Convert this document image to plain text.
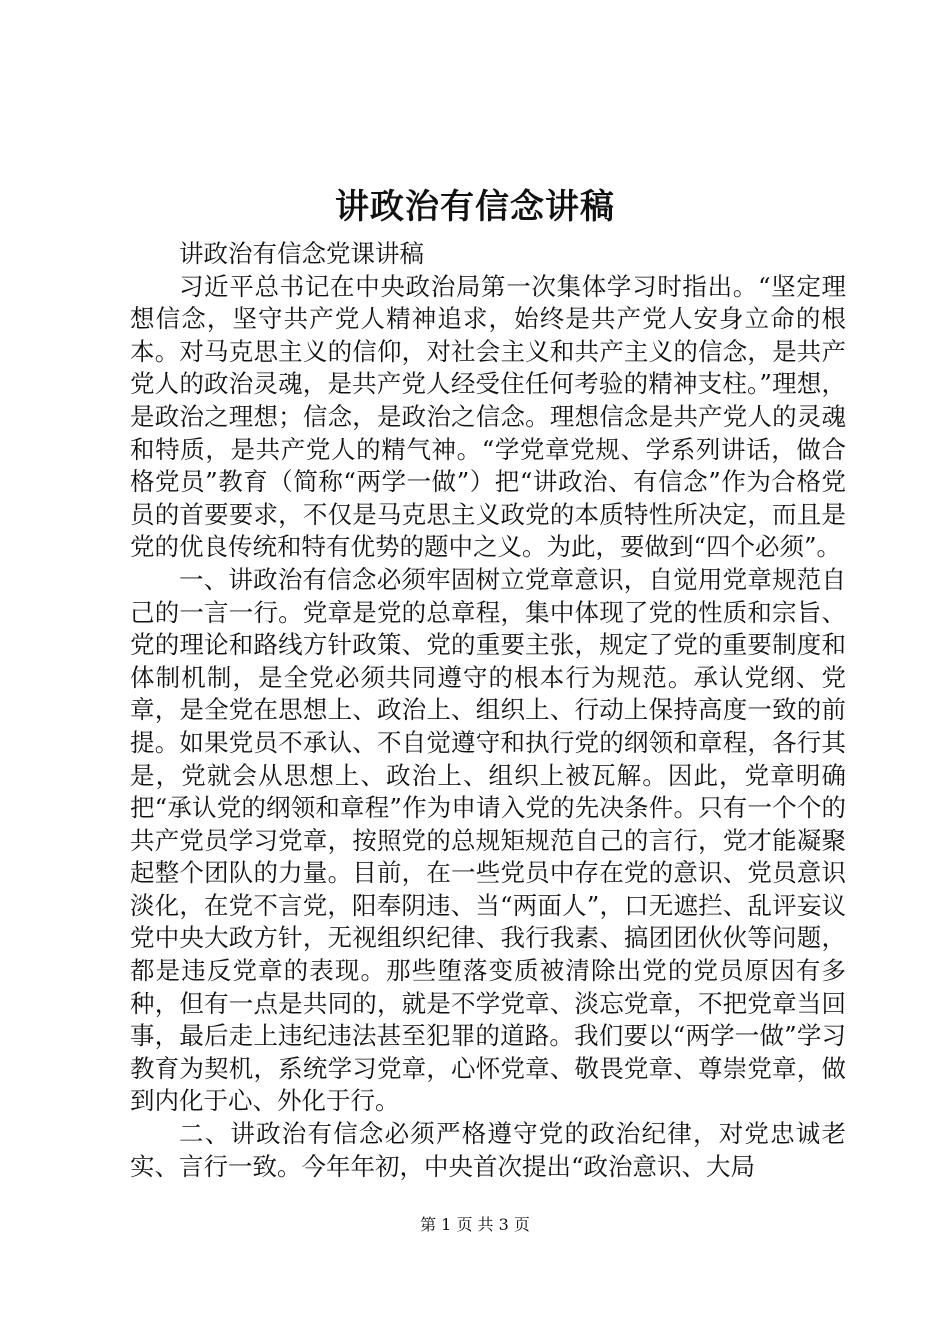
讲政治有信念讲稿

讲政治有信念党课讲稿

习近平总书记在中央政治局第一次集体学习时指出。“坚定理想信念，坚守共产党人精神追求，始终是共产党人安身立命的根本。对马克思主义的信仰，对社会主义和共产主义的信念，是共产党人的政治灵魂，是共产党人经受住任何考验的精神支柱。”理想，是政治之理想；信念，是政治之信念。理想信念是共产党人的灵魂和特质，是共产党人的精气神。“学党章党规、学系列讲话，做合格党员”教育（简称“两学一做”）把“讲政治、有信念”作为合格党员的首要要求，不仅是马克思主义政党的本质特性所决定，而且是党的优良传统和特有优势的题中之义。为此，要做到“四个必须”。

一、讲政治有信念必须牢固树立党章意识，自觉用党章规范自己的一言一行。党章是党的总章程，集中体现了党的性质和宗旨、党的理论和路线方针政策、党的重要主张，规定了党的重要制度和体制机制，是全党必须共同遵守的根本行为规范。承认党纲、党章，是全党在思想上、政治上、组织上、行动上保持高度一致的前提。如果党员不承认、不自觉遵守和执行党的纲领和章程，各行其是，党就会从思想上、政治上、组织上被瓦解。因此，党章明确把“承认党的纲领和章程”作为申请入党的先决条件。只有一个个的共产党员学习党章，按照党的总规矩规范自己的言行，党才能凝聚起整个团队的力量。目前，在一些党员中存在党的意识、党员意识淡化，在党不言党，阳奉阴违、当“两面人”，口无遮拦、乱评妄议党中央大政方针，无视组织纪律、我行我素、搞团团伙伙等问题，都是违反党章的表现。那些堕落变质被清除出党的党员原因有多种，但有一点是共同的，就是不学党章、淡忘党章，不把党章当回事，最后走上违纪违法甚至犯罪的道路。我们要以“两学一做”学习教育为契机，系统学习党章，心怀党章、敬畏党章、尊崇党章，做到内化于心、外化于行。

二、讲政治有信念必须严格遵守党的政治纪律，对党忠诚老实、言行一致。今年年初，中央首次提出“政治意识、大局

第 1 页 共 3 页
